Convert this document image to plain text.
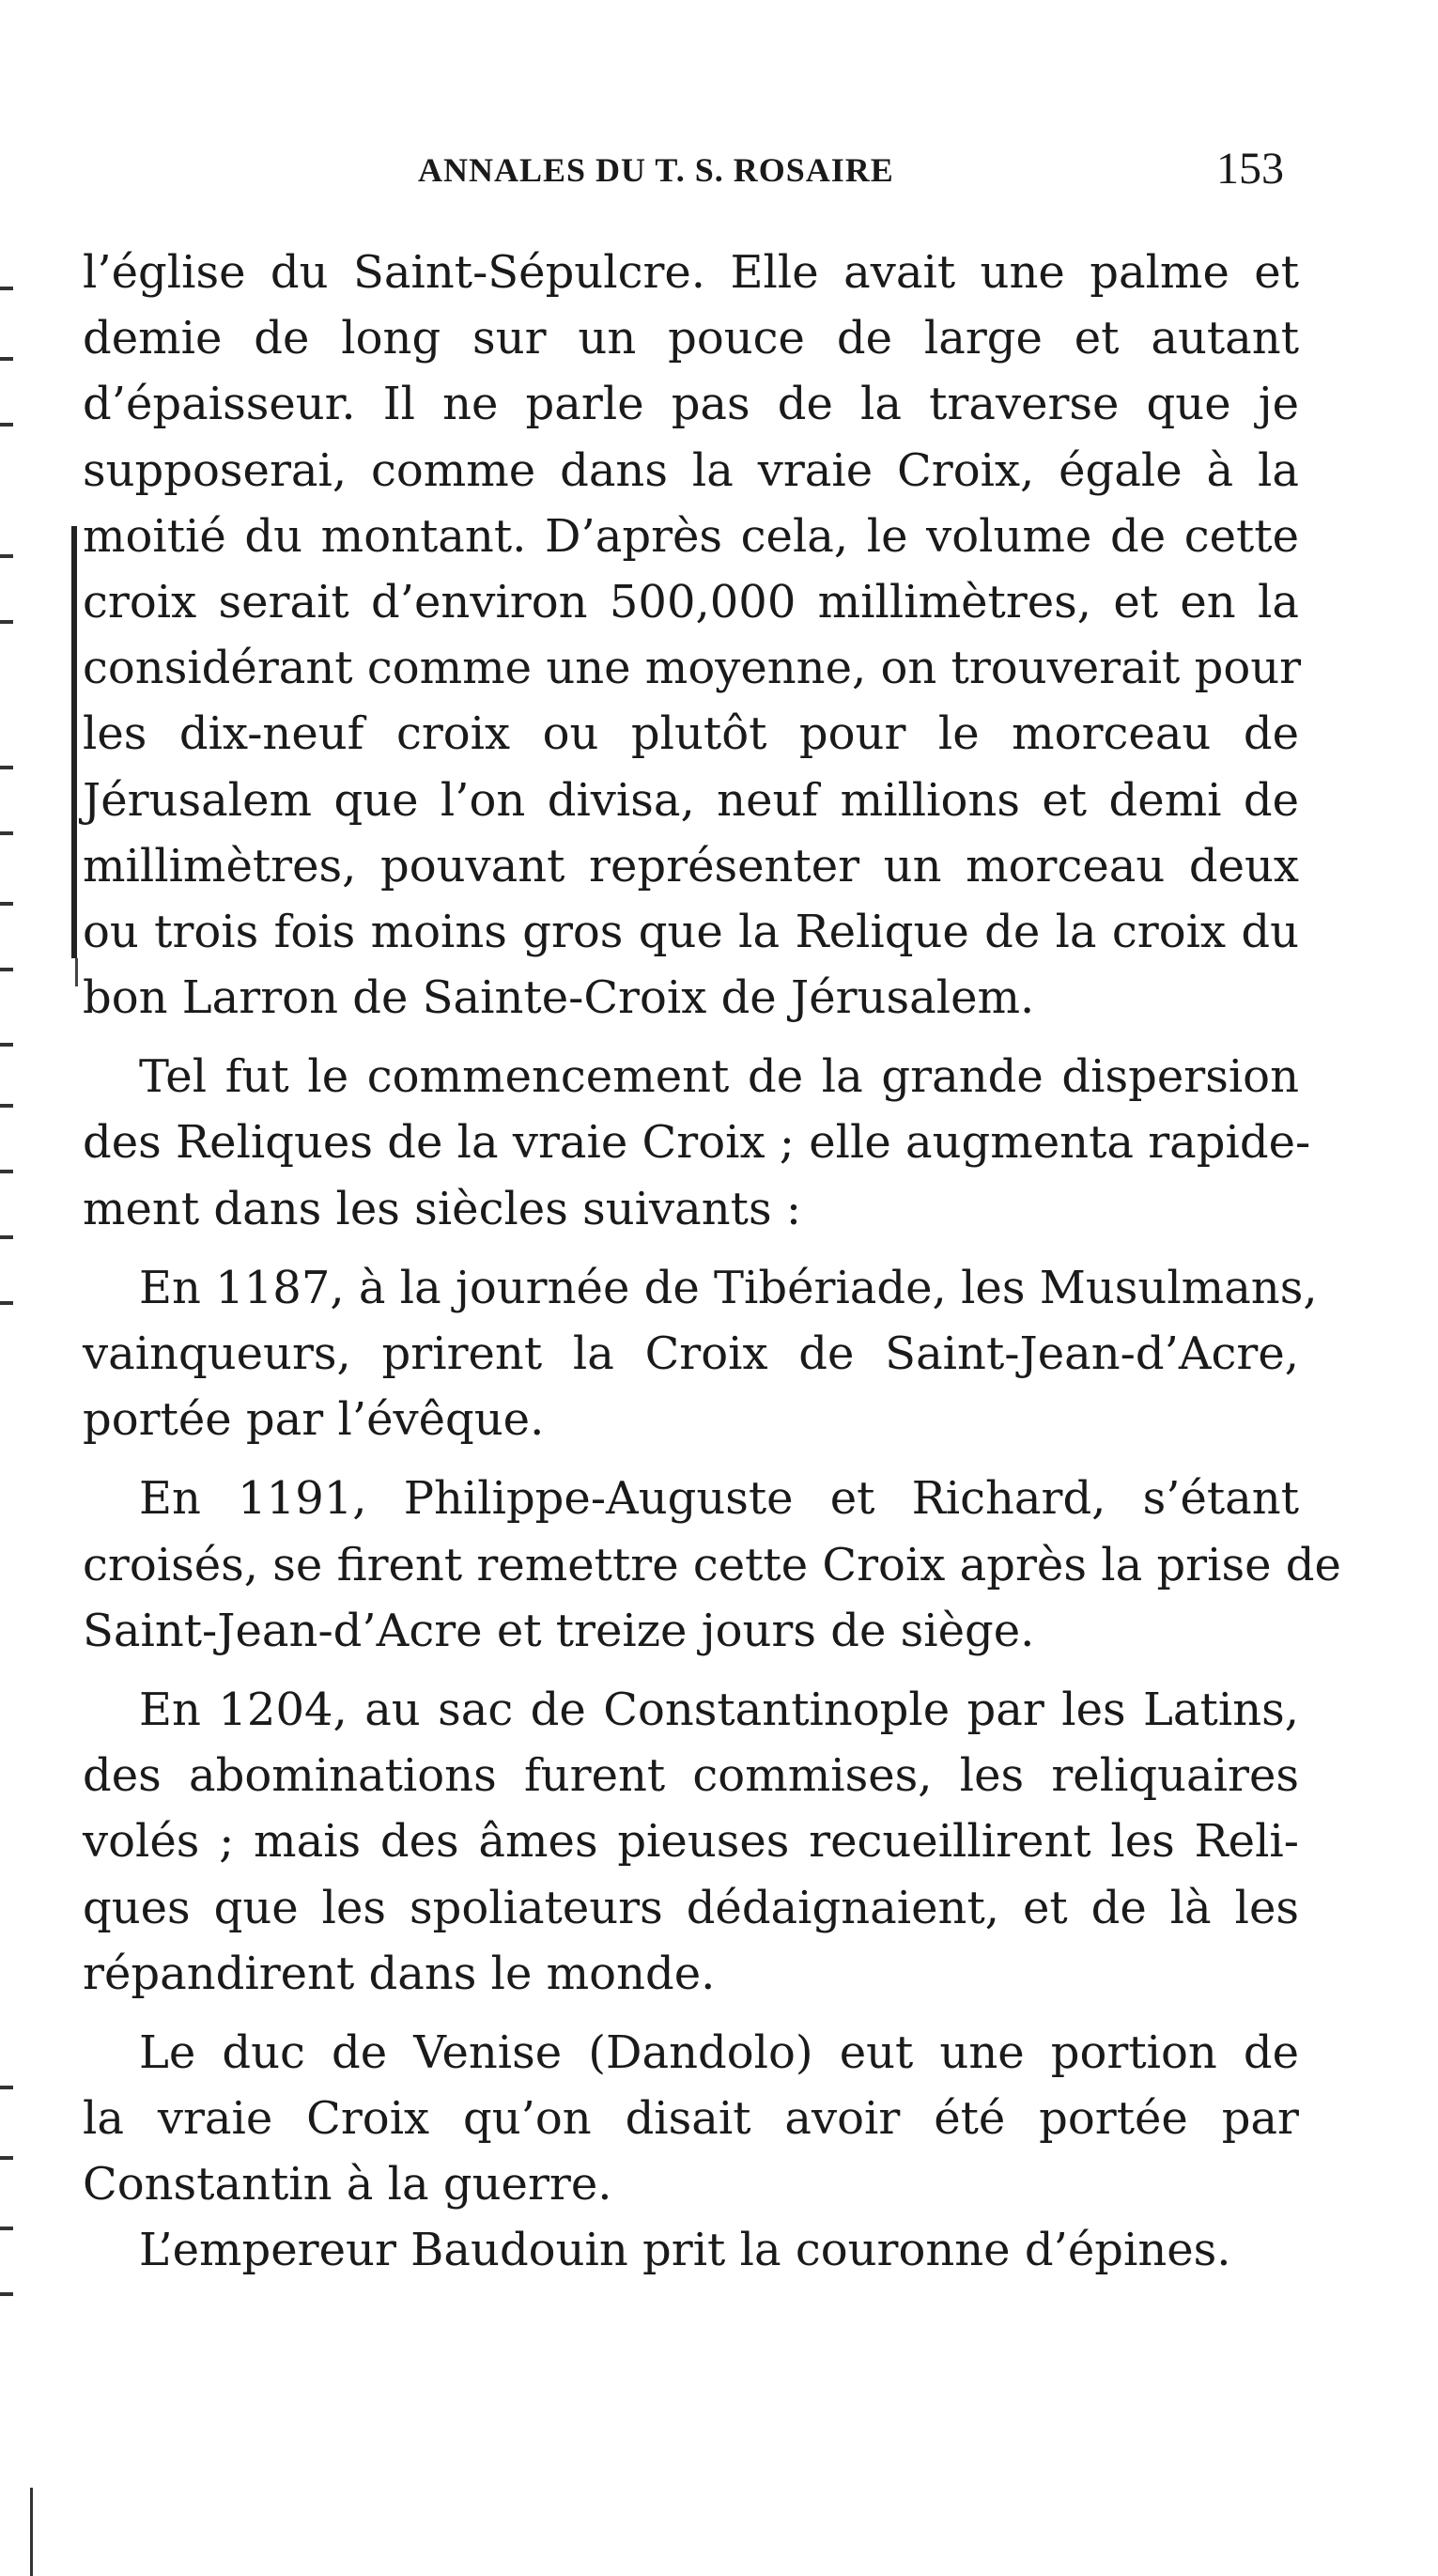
ANNALES DU T. S. ROSAIRE	153
l’église du Saint-Sépulcre. Elle avait une palme et
demie de long sur un pouce de large et autant
d’épaisseur. Il ne parle pas de la traverse que je
supposerai, comme dans la vraie Croix, égale à la
moitié du montant. D’après cela, le volume de cette
croix serait d’environ 500,000 millimètres, et en la
considérant comme une moyenne, on trouverait pour
les dix-neuf croix ou plutôt pour le morceau de
Jérusalem que l’on divisa, neuf millions et demi de
millimètres, pouvant représenter un morceau deux
ou trois fois moins gros que la Relique de la croix du
bon Larron de Sainte-Croix de Jérusalem.
Tel fut le commencement de la grande dispersion
des Reliques de la vraie Croix ; elle augmenta rapide-
ment dans les siècles suivants :
En 1187, à la journée de Tibériade, les Musulmans,
vainqueurs, prirent la Croix de Saint-Jean-d’Acre,
portée par l’évêque.
En 1191, Philippe-Auguste et Richard, s’étant
croisés, se firent remettre cette Croix après la prise de
Saint-Jean-d’Acre et treize jours de siège.
En 1204, au sac de Constantinople par les Latins,
des abominations furent commises, les reliquaires
volés ; mais des âmes pieuses recueillirent les Reli-
ques que les spoliateurs dédaignaient, et de là les
répandirent dans le monde.
Le duc de Venise (Dandolo) eut une portion de
la vraie Croix qu’on disait avoir été portée par
Constantin à la guerre.
L’empereur Baudouin prit la couronne d’épines.
